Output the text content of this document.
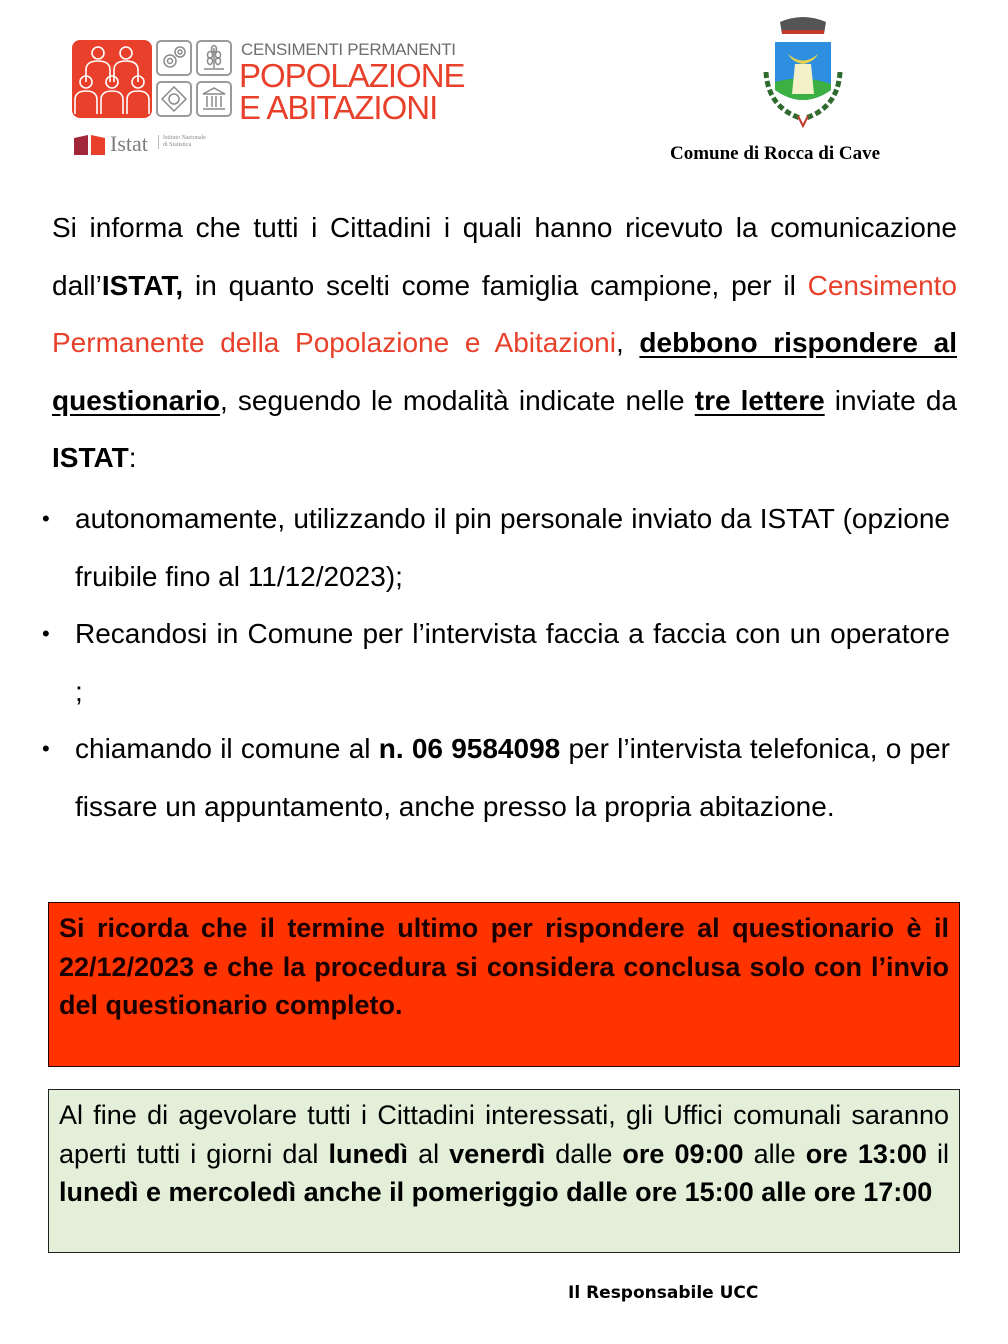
CENSIMENTI PERMANENTI
POPOLAZIONE
E ABITAZIONI
Istat	Istituto Nazionale di Statistica	Comune di Rocca di Cave

Si informa che tutti i Cittadini i quali hanno ricevuto la comunicazione dall’ISTAT, in quanto scelti come famiglia campione, per il Censimento Permanente della Popolazione e Abitazioni, debbono rispondere al questionario, seguendo le modalità indicate nelle tre lettere inviate da ISTAT:

• autonomamente, utilizzando il pin personale inviato da ISTAT (opzione fruibile fino al 11/12/2023);
• Recandosi in Comune per l’intervista faccia a faccia con un operatore ;
• chiamando il comune al n. 06 9584098 per l’intervista telefonica, o per fissare un appuntamento, anche presso la propria abitazione.
Si ricorda che il termine ultimo per rispondere al questionario è il 22/12/2023 e che la procedura si considera conclusa solo con l’invio del questionario completo.
Al fine di agevolare tutti i Cittadini interessati, gli Uffici comunali saranno aperti tutti i giorni dal lunedì al venerdì dalle ore 09:00 alle ore 13:00 il lunedì e mercoledì anche il pomeriggio dalle ore 15:00 alle ore 17:00
Il Responsabile UCC
